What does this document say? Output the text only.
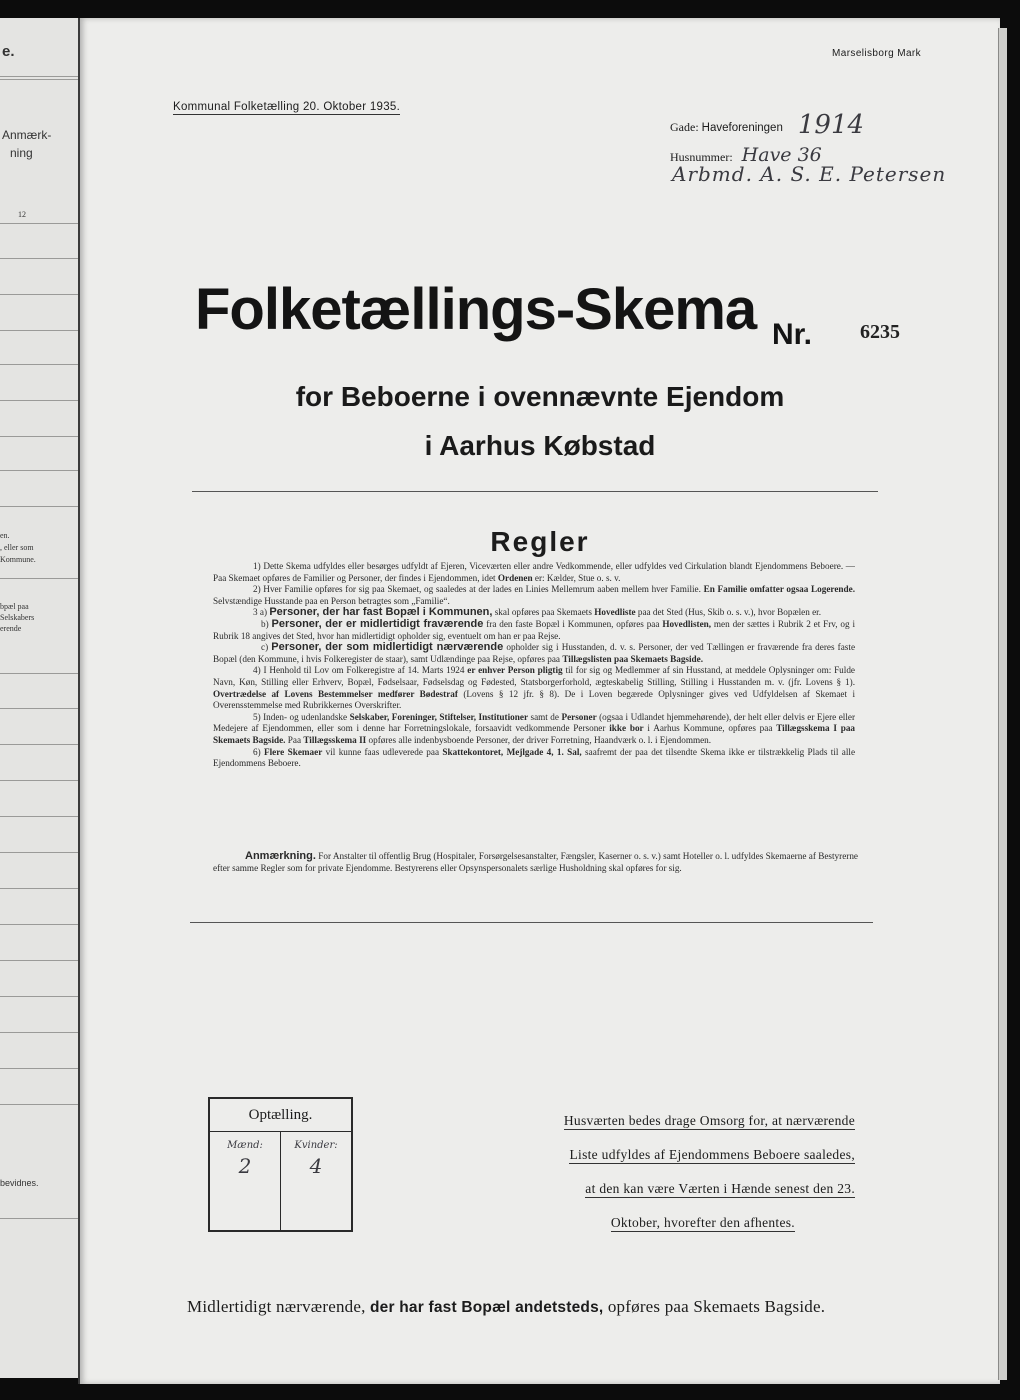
e.
Anmærk-
ning
12
en.
, eller som
Kommune.
bpæl paa
Selskabers
erende
bevidnes.
Marselisborg Mark
Kommunal Folketælling 20. Oktober 1935.
Gade: Haveforeningen 1914
Husnummer: Have 36
Arbmd. A. S. E. Petersen
Folketællings-Skema Nr. 6235
for Beboerne i ovennævnte Ejendom
i Aarhus Købstad
Regler

1) Dette Skema udfyldes eller besørges udfyldt af Ejeren, Viceværten eller andre Vedkommende, eller udfyldes ved Cirkulation blandt Ejendommens Beboere. — Paa Skemaet opføres de Familier og Personer, der findes i Ejendommen, idet Ordenen er: Kælder, Stue o. s. v.

2) Hver Familie opføres for sig paa Skemaet, og saaledes at der lades en Linies Mellemrum aaben mellem hver Familie. En Familie omfatter ogsaa Logerende. Selvstændige Husstande paa en Person betragtes som „Familie“.

3 a) Personer, der har fast Bopæl i Kommunen, skal opføres paa Skemaets Hovedliste paa det Sted (Hus, Skib o. s. v.), hvor Bopælen er.

b) Personer, der er midlertidigt fraværende fra den faste Bopæl i Kommunen, opføres paa Hovedlisten, men der sættes i Rubrik 2 et Frv, og i Rubrik 18 angives det Sted, hvor han midlertidigt opholder sig, eventuelt om han er paa Rejse.

c) Personer, der som midlertidigt nærværende opholder sig i Husstanden, d. v. s. Personer, der ved Tællingen er fraværende fra deres faste Bopæl (den Kommune, i hvis Folkeregister de staar), samt Udlændinge paa Rejse, opføres paa Tillægslisten paa Skemaets Bagside.

4) I Henhold til Lov om Folkeregistre af 14. Marts 1924 er enhver Person pligtig til for sig og Medlemmer af sin Husstand, at meddele Oplysninger om: Fulde Navn, Køn, Stilling eller Erhverv, Bopæl, Fødselsaar, Fødselsdag og Fødested, Statsborgerforhold, ægteskabelig Stilling, Stilling i Husstanden m. v. (jfr. Lovens § 1). Overtrædelse af Lovens Bestemmelser medfører Bødestraf (Lovens § 12 jfr. § 8). De i Loven begærede Oplysninger gives ved Udfyldelsen af Skemaet i Overensstemmelse med Rubrikkernes Overskrifter.

5) Inden- og udenlandske Selskaber, Foreninger, Stiftelser, Institutioner samt de Personer (ogsaa i Udlandet hjemmehørende), der helt eller delvis er Ejere eller Medejere af Ejendommen, eller som i denne har Forretningslokale, forsaavidt vedkommende Personer ikke bor i Aarhus Kommune, opføres paa Tillægsskema I paa Skemaets Bagside. Paa Tillægsskema II opføres alle indenbysboende Personer, der driver Forretning, Haandværk o. l. i Ejendommen.

6) Flere Skemaer vil kunne faas udleverede paa Skattekontoret, Mejlgade 4, 1. Sal, saafremt der paa det tilsendte Skema ikke er tilstrækkelig Plads til alle Ejendommens Beboere.

Anmærkning. For Anstalter til offentlig Brug (Hospitaler, Forsørgelsesanstalter, Fængsler, Kaserner o. s. v.) samt Hoteller o. l. udfyldes Skemaerne af Bestyrerne efter samme Regler som for private Ejendomme. Bestyrerens eller Opsynspersonalets særlige Husholdning skal opføres for sig.
Optælling.
Mænd:
2
Kvinder:
4
Husværten bedes drage Omsorg for, at nærværende
Liste udfyldes af Ejendommens Beboere saaledes,
at den kan være Værten i Hænde senest den 23.
Oktober, hvorefter den afhentes.
Midlertidigt nærværende, der har fast Bopæl andetsteds, opføres paa Skemaets Bagside.
